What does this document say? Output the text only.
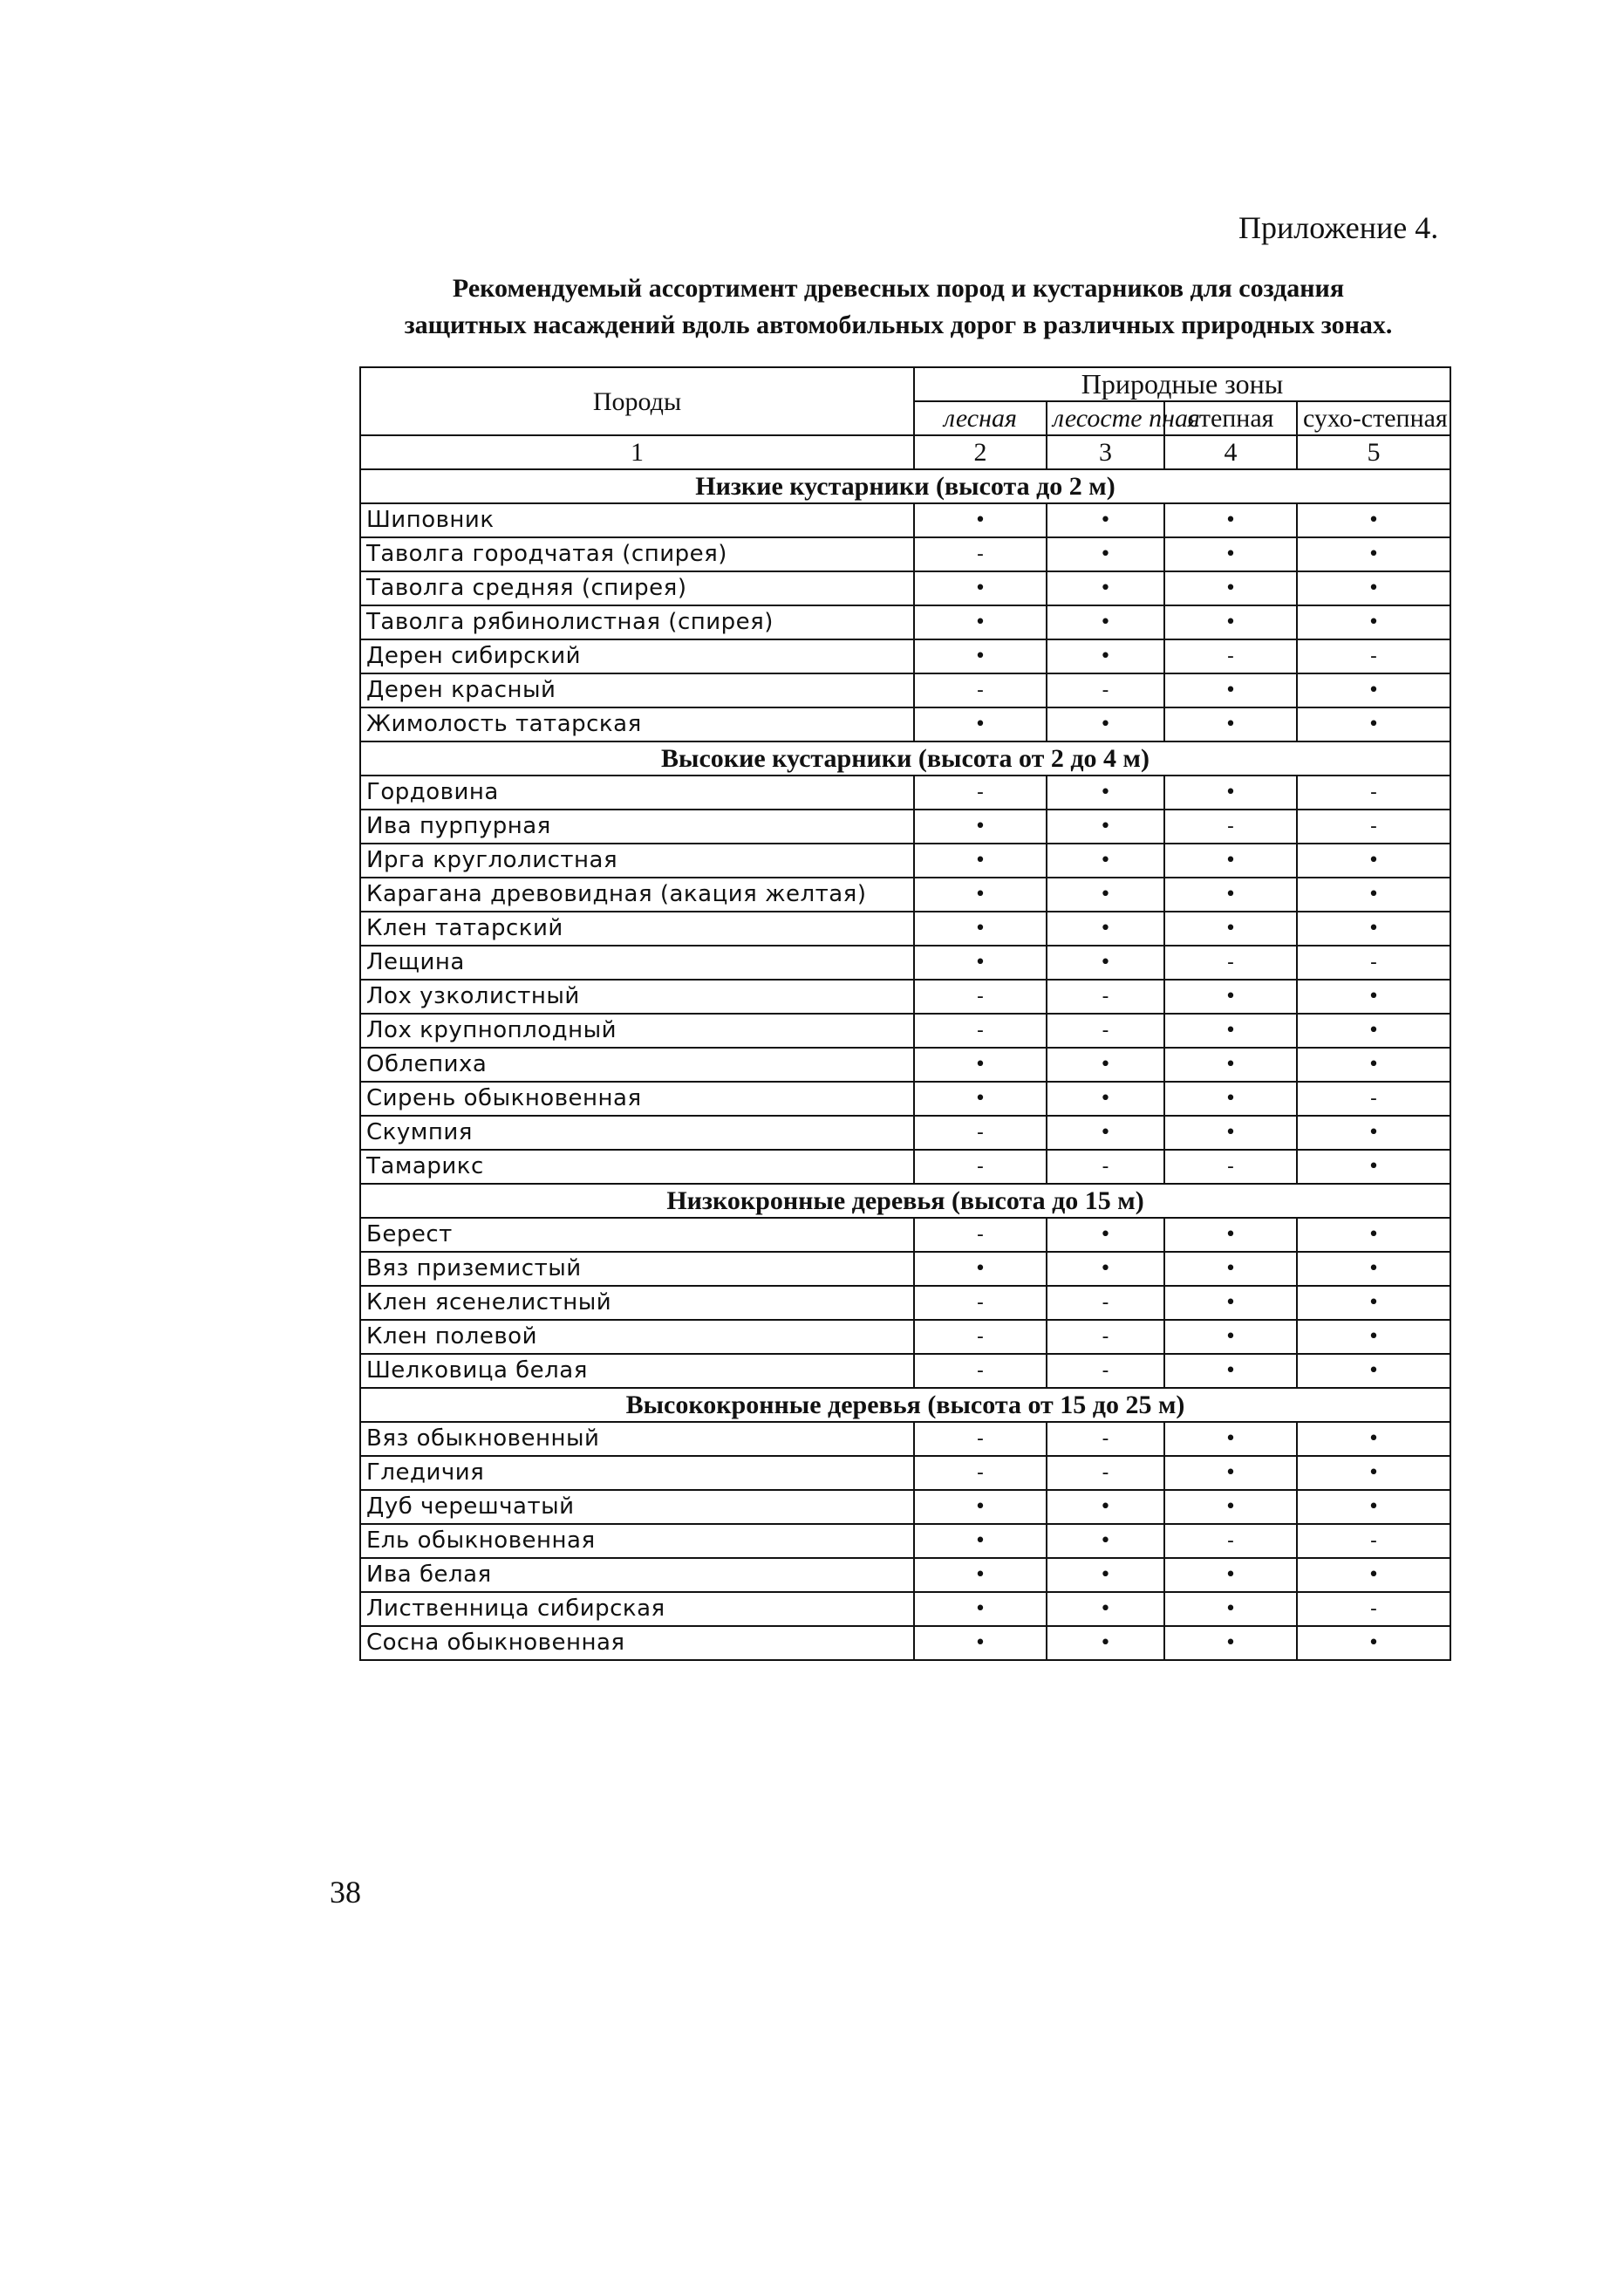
Приложение 4.
Рекомендуемый ассортимент древесных пород и кустарников для создания
защитных насаждений вдоль автомобильных дорог в различных природных зонах.
Породы	Природные зоны			
	лесная	лесосте пная	степная	сухо-степная
1	2	3	4	5
Низкие кустарники (высота до 2 м)				
Шиповник	•	•	•	•
Таволга городчатая (спирея)	-	•	•	•
Таволга средняя (спирея)	•	•	•	•
Таволга рябинолистная (спирея)	•	•	•	•
Дерен сибирский	•	•	-	-
Дерен красный	-	-	•	•
Жимолость татарская	•	•	•	•
Высокие кустарники (высота от 2 до 4 м)				
Гордовина	-	•	•	-
Ива пурпурная	•	•	-	-
Ирга круглолистная	•	•	•	•
Карагана древовидная (акация желтая)	•	•	•	•
Клен татарский	•	•	•	•
Лещина	•	•	-	-
Лох узколистный	-	-	•	•
Лох крупноплодный	-	-	•	•
Облепиха	•	•	•	•
Сирень обыкновенная	•	•	•	-
Скумпия	-	•	•	•
Тамарикс	-	-	-	•
Низкокронные деревья (высота до 15 м)				
Берест	-	•	•	•
Вяз приземистый	•	•	•	•
Клен ясенелистный	-	-	•	•
Клен полевой	-	-	•	•
Шелковица белая	-	-	•	•
Высококронные деревья (высота от 15 до 25 м)				
Вяз обыкновенный	-	-	•	•
Гледичия	-	-	•	•
Дуб черешчатый	•	•	•	•
Ель обыкновенная	•	•	-	-
Ива белая	•	•	•	•
Лиственница сибирская	•	•	•	-
Сосна обыкновенная	•	•	•	•
38
